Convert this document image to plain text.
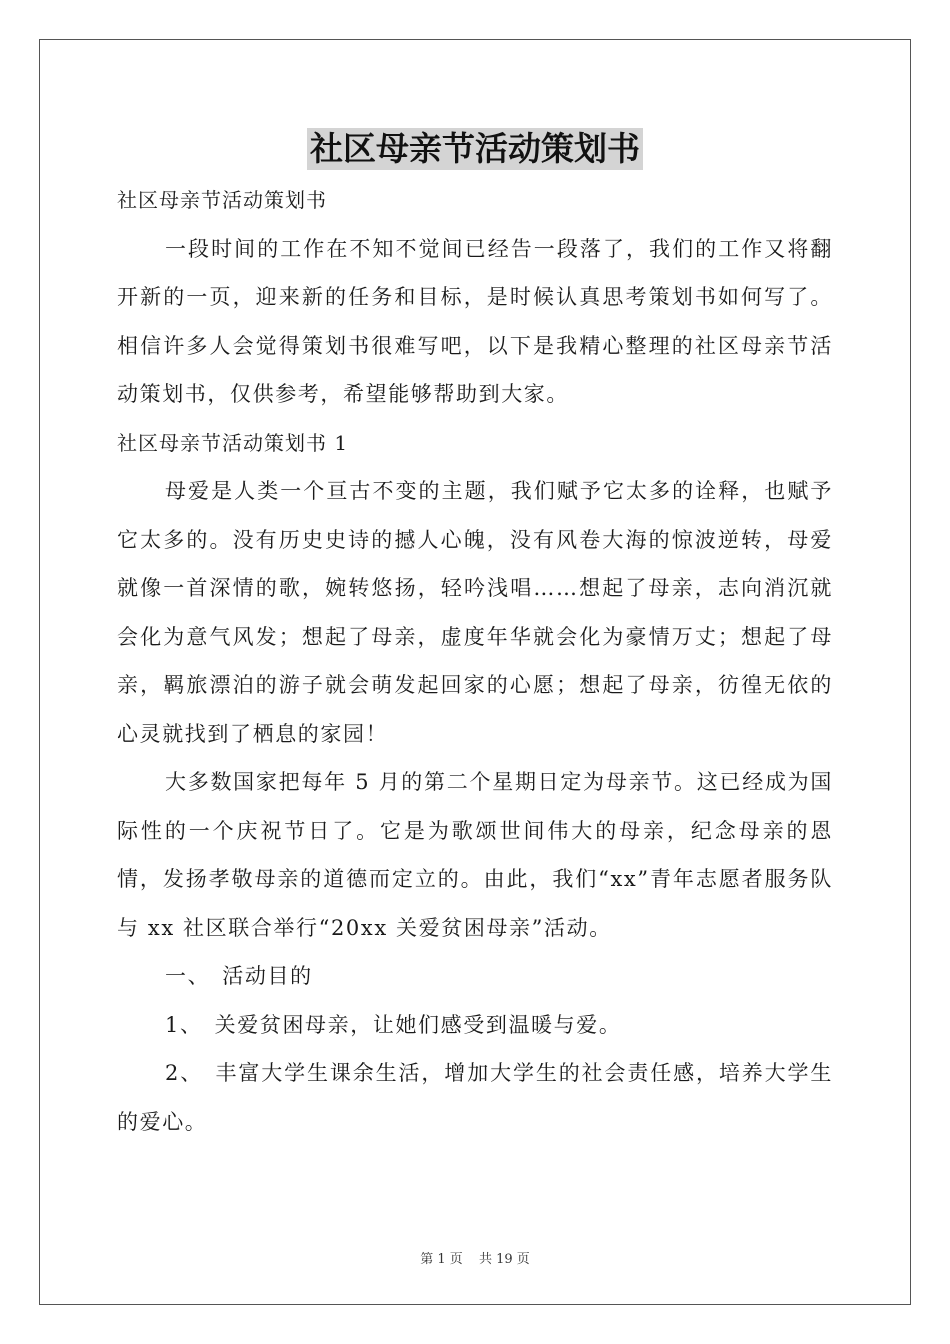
社区母亲节活动策划书

社区母亲节活动策划书

一段时间的工作在不知不觉间已经告一段落了，我们的工作又将翻开新的一页，迎来新的任务和目标，是时候认真思考策划书如何写了。相信许多人会觉得策划书很难写吧，以下是我精心整理的社区母亲节活动策划书，仅供参考，希望能够帮助到大家。

社区母亲节活动策划书 1

母爱是人类一个亘古不变的主题，我们赋予它太多的诠释，也赋予它太多的。没有历史史诗的撼人心魄，没有风卷大海的惊波逆转，母爱就像一首深情的歌，婉转悠扬，轻吟浅唱……想起了母亲，志向消沉就会化为意气风发；想起了母亲，虚度年华就会化为豪情万丈；想起了母亲，羁旅漂泊的游子就会萌发起回家的心愿；想起了母亲，彷徨无依的心灵就找到了栖息的家园！

大多数国家把每年 5 月的第二个星期日定为母亲节。这已经成为国际性的一个庆祝节日了。它是为歌颂世间伟大的母亲，纪念母亲的恩情，发扬孝敬母亲的道德而定立的。由此，我们“xx”青年志愿者服务队与 xx 社区联合举行“20xx 关爱贫困母亲”活动。

一、　活动目的

1、　关爱贫困母亲，让她们感受到温暖与爱。

2、　丰富大学生课余生活，增加大学生的社会责任感，培养大学生的爱心。

第 1 页 共 19 页
